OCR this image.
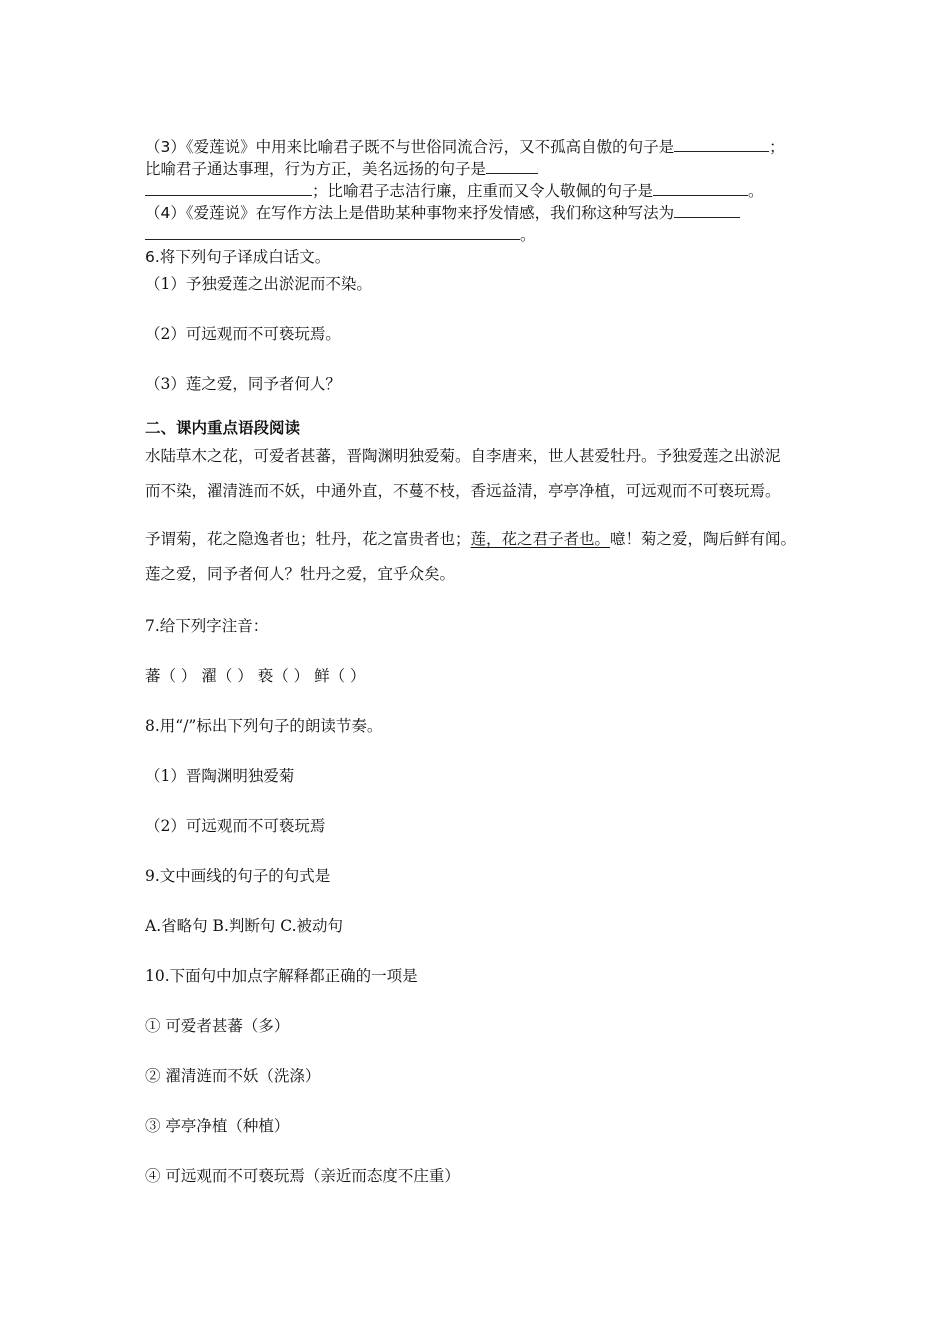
（3）《爱莲说》中用来比喻君子既不与世俗同流合污，又不孤高自傲的句子是	；
比喻君子通达事理，行为方正，美名远扬的句子是
；比喻君子志洁行廉，庄重而又令人敬佩的句子是	。
（4）《爱莲说》在写作方法上是借助某种事物来抒发情感，我们称这种写法为
。
6.将下列句子译成白话文。
（1）予独爱莲之出淤泥而不染。
（2）可远观而不可亵玩焉。
（3）莲之爱，同予者何人？
二、课内重点语段阅读
水陆草木之花，可爱者甚蕃，晋陶渊明独爱菊。自李唐来，世人甚爱牡丹。予独爱莲之出淤泥
而不染，濯清涟而不妖，中通外直，不蔓不枝，香远益清，亭亭净植，可远观而不可亵玩焉。
予谓菊，花之隐逸者也；牡丹，花之富贵者也；莲，花之君子者也。噫！菊之爱，陶后鲜有闻。
莲之爱，同予者何人？牡丹之爱，宜乎众矣。
7.给下列字注音：
蕃（ ） 濯（ ） 亵（ ） 鲜（ ）
8.用“/”标出下列句子的朗读节奏。
（1）晋陶渊明独爱菊
（2）可远观而不可亵玩焉
9.文中画线的句子的句式是
A.省略句 B.判断句 C.被动句
10.下面句中加点字解释都正确的一项是
① 可爱者甚蕃（多）
② 濯清涟而不妖（洗涤）
③ 亭亭净植（种植）
④ 可远观而不可亵玩焉（亲近而态度不庄重）
